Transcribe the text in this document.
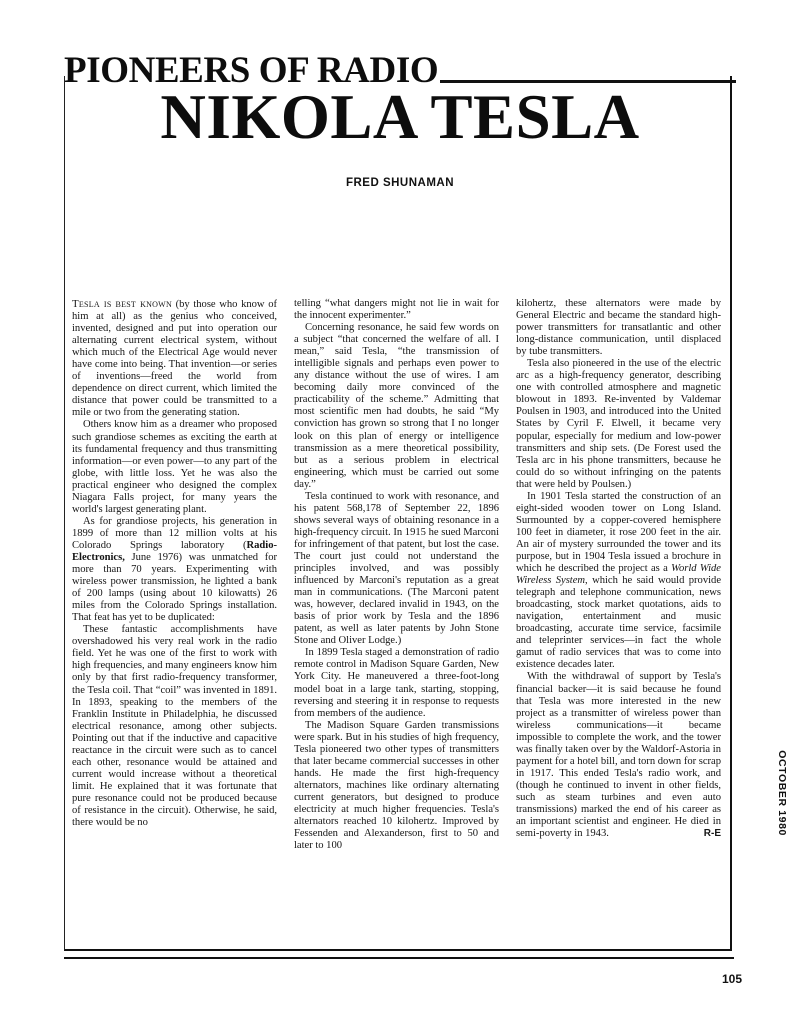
PIONEERS OF RADIO
NIKOLA TESLA
FRED SHUNAMAN

Tesla is best known (by those who know of him at all) as the genius who conceived, invented, designed and put into operation our alternating current electrical system, without which much of the Electrical Age would never have come into being. That invention—or series of inventions—freed the world from dependence on direct current, which limited the distance that power could be transmitted to a mile or two from the generating station.

Others know him as a dreamer who proposed such grandiose schemes as exciting the earth at its fundamental frequency and thus transmitting information—or even power—to any part of the globe, with little loss. Yet he was also the practical engineer who designed the complex Niagara Falls project, for many years the world's largest generating plant.

As for grandiose projects, his generation in 1899 of more than 12 million volts at his Colorado Springs laboratory (Radio-Electronics, June 1976) was unmatched for more than 70 years. Experimenting with wireless power transmission, he lighted a bank of 200 lamps (using about 10 kilowatts) 26 miles from the Colorado Springs installation. That feat has yet to be duplicated:

These fantastic accomplishments have overshadowed his very real work in the radio field. Yet he was one of the first to work with high frequencies, and many engineers know him only by that first radio-frequency transformer, the Tesla coil. That “coil” was invented in 1891. In 1893, speaking to the members of the Franklin Institute in Philadelphia, he discussed electrical resonance, among other subjects. Pointing out that if the inductive and capacitive reactance in the circuit were such as to cancel each other, resonance would be attained and current would increase without a theoretical limit. He explained that it was fortunate that pure resonance could not be produced because of resistance in the circuit). Otherwise, he said, there would be no

telling “what dangers might not lie in wait for the innocent experimenter.”

Concerning resonance, he said few words on a subject “that concerned the welfare of all. I mean,” said Tesla, “the transmission of intelligible signals and perhaps even power to any distance without the use of wires. I am becoming daily more convinced of the practicability of the scheme.” Admitting that most scientific men had doubts, he said “My conviction has grown so strong that I no longer look on this plan of energy or intelligence transmission as a mere theoretical possibility, but as a serious problem in electrical engineering, which must be carried out some day.”

Tesla continued to work with resonance, and his patent 568,178 of September 22, 1896 shows several ways of obtaining resonance in a high-frequency circuit. In 1915 he sued Marconi for infringement of that patent, but lost the case. The court just could not understand the principles involved, and was possibly influenced by Marconi's reputation as a great man in communications. (The Marconi patent was, however, declared invalid in 1943, on the basis of prior work by Tesla and the 1896 patent, as well as later patents by John Stone Stone and Oliver Lodge.)

In 1899 Tesla staged a demonstration of radio remote control in Madison Square Garden, New York City. He maneuvered a three-foot-long model boat in a large tank, starting, stopping, reversing and steering it in response to requests from members of the audience.

The Madison Square Garden transmissions were spark. But in his studies of high frequency, Tesla pioneered two other types of transmitters that later became commercial successes in other hands. He made the first high-frequency alternators, machines like ordinary alternating current generators, but designed to produce electricity at much higher frequencies. Tesla's alternators reached 10 kilohertz. Improved by Fessenden and Alexanderson, first to 50 and later to 100

kilohertz, these alternators were made by General Electric and became the standard high-power transmitters for transatlantic and other long-distance communication, until displaced by tube transmitters.

Tesla also pioneered in the use of the electric arc as a high-frequency generator, describing one with controlled atmosphere and magnetic blowout in 1893. Re-invented by Valdemar Poulsen in 1903, and introduced into the United States by Cyril F. Elwell, it became very popular, especially for medium and low-power transmitters and ship sets. (De Forest used the Tesla arc in his phone transmitters, because he could do so without infringing on the patents that were held by Poulsen.)

In 1901 Tesla started the construction of an eight-sided wooden tower on Long Island. Surmounted by a copper-covered hemisphere 100 feet in diameter, it rose 200 feet in the air. An air of mystery surrounded the tower and its purpose, but in 1904 Tesla issued a brochure in which he described the project as a World Wide Wireless System, which he said would provide telegraph and telephone communication, news broadcasting, stock market quotations, aids to navigation, entertainment and music broadcasting, accurate time service, facsimile and teleprinter services—in fact the whole gamut of radio services that was to come into existence decades later.

With the withdrawal of support by Tesla's financial backer—it is said because he found that Tesla was more interested in the new project as a transmitter of wireless power than wireless communications—it became impossible to complete the work, and the tower was finally taken over by the Waldorf-Astoria in payment for a hotel bill, and torn down for scrap in 1917. This ended Tesla's radio work, and (though he continued to invent in other fields, such as steam turbines and even auto transmissions) marked the end of his career as an important scientist and engineer. He died in semi-poverty in 1943.	R-E	OCTOBER 1980
105
